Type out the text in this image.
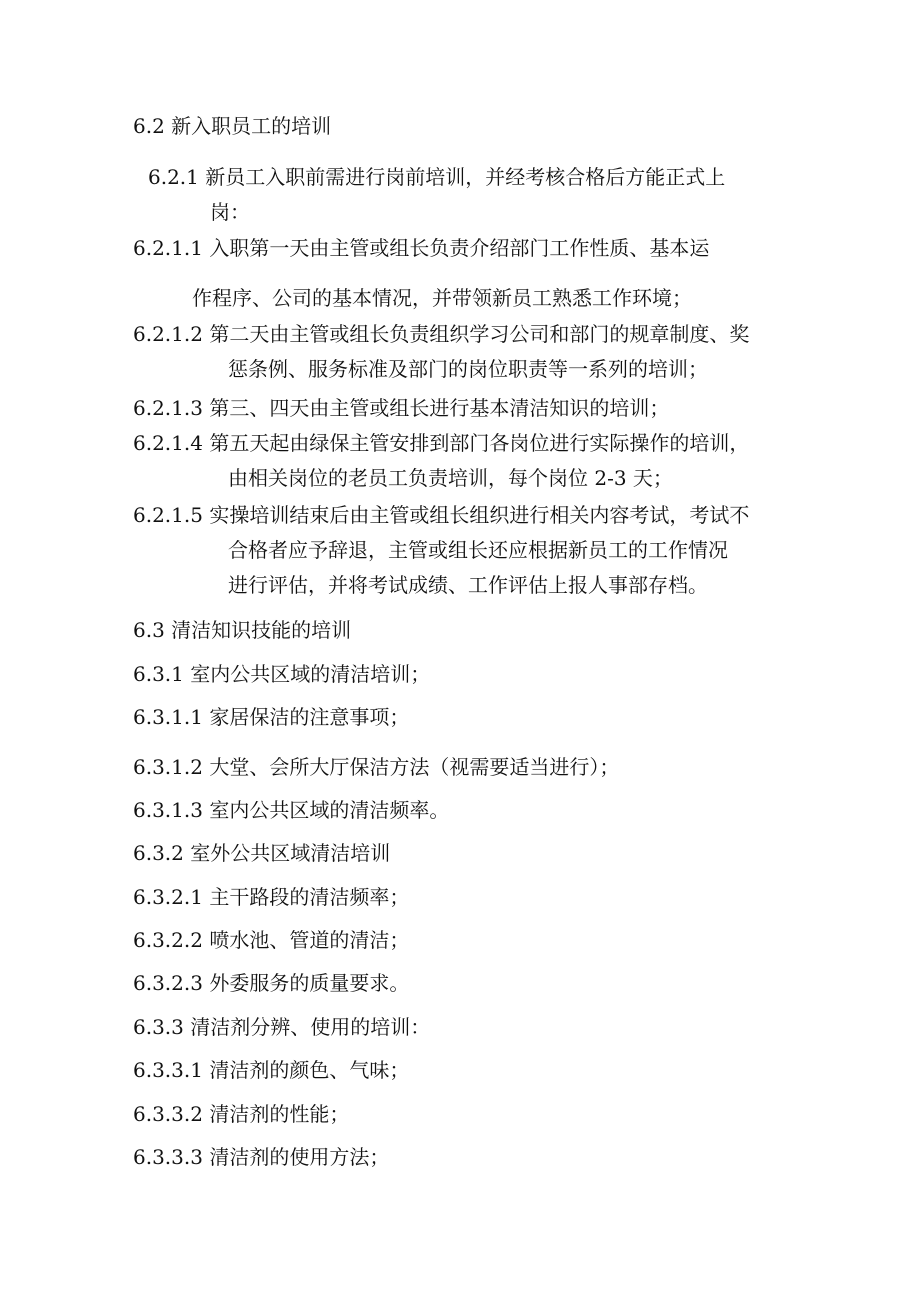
6.2 新入职员工的培训
6.2.1 新员工入职前需进行岗前培训，并经考核合格后方能正式上
岗：
6.2.1.1 入职第一天由主管或组长负责介绍部门工作性质、基本运
作程序、公司的基本情况，并带领新员工熟悉工作环境；
6.2.1.2 第二天由主管或组长负责组织学习公司和部门的规章制度、奖
惩条例、服务标准及部门的岗位职责等一系列的培训；
6.2.1.3 第三、四天由主管或组长进行基本清洁知识的培训；
6.2.1.4 第五天起由绿保主管安排到部门各岗位进行实际操作的培训，
由相关岗位的老员工负责培训，每个岗位 2-3 天；
6.2.1.5 实操培训结束后由主管或组长组织进行相关内容考试，考试不
合格者应予辞退，主管或组长还应根据新员工的工作情况
进行评估，并将考试成绩、工作评估上报人事部存档。
6.3 清洁知识技能的培训
6.3.1 室内公共区域的清洁培训；
6.3.1.1 家居保洁的注意事项；
6.3.1.2 大堂、会所大厅保洁方法（视需要适当进行）；
6.3.1.3 室内公共区域的清洁频率。
6.3.2 室外公共区域清洁培训
6.3.2.1 主干路段的清洁频率；
6.3.2.2 喷水池、管道的清洁；
6.3.2.3 外委服务的质量要求。
6.3.3 清洁剂分辨、使用的培训：
6.3.3.1 清洁剂的颜色、气味；
6.3.3.2 清洁剂的性能；
6.3.3.3 清洁剂的使用方法；
